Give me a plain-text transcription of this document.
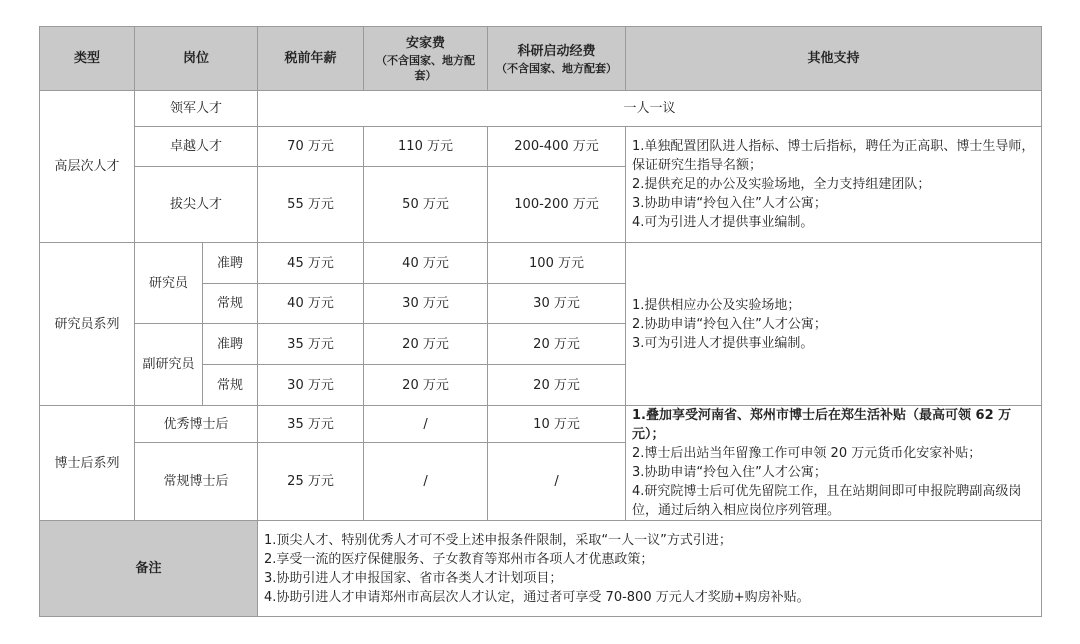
类型	岗位		税前年薪	安家费
（不含国家、地方配套）	科研启动经费
（不含国家、地方配套）	其他支持
高层次人才	领军人才		一人一议			
	卓越人才		70 万元	110 万元	200-400 万元	1.单独配置团队进人指标、博士后指标，聘任为正高职、博士生导师，保证研究生指导名额；
2.提供充足的办公及实验场地，全力支持组建团队；
3.协助申请“拎包入住”人才公寓；
4.可为引进人才提供事业编制。

	拔尖人才		55 万元	50 万元	100-200 万元	
研究员系列	研究员	准聘	45 万元	40 万元	100 万元	1.提供相应办公及实验场地；
2.协助申请“拎包入住”人才公寓；
3.可为引进人才提供事业编制。

		常规	40 万元	30 万元	30 万元	
	副研究员	准聘	35 万元	20 万元	20 万元	
		常规	30 万元	20 万元	20 万元	
博士后系列	优秀博士后		35 万元	/	10 万元	1.叠加享受河南省、郑州市博士后在郑生活补贴（最高可领 62 万元）；
2.博士后出站当年留豫工作可申领 20 万元货币化安家补贴；
3.协助申请“拎包入住”人才公寓；
4.研究院博士后可优先留院工作，且在站期间即可申报院聘副高级岗位，通过后纳入相应岗位序列管理。

	常规博士后		25 万元	/	/	
备注			1.顶尖人才、特别优秀人才可不受上述申报条件限制，采取“一人一议”方式引进；
2.享受一流的医疗保健服务、子女教育等郑州市各项人才优惠政策；
3.协助引进人才申报国家、省市各类人才计划项目；
4.协助引进人才申请郑州市高层次人才认定，通过者可享受 70-800 万元人才奖励+购房补贴。			
